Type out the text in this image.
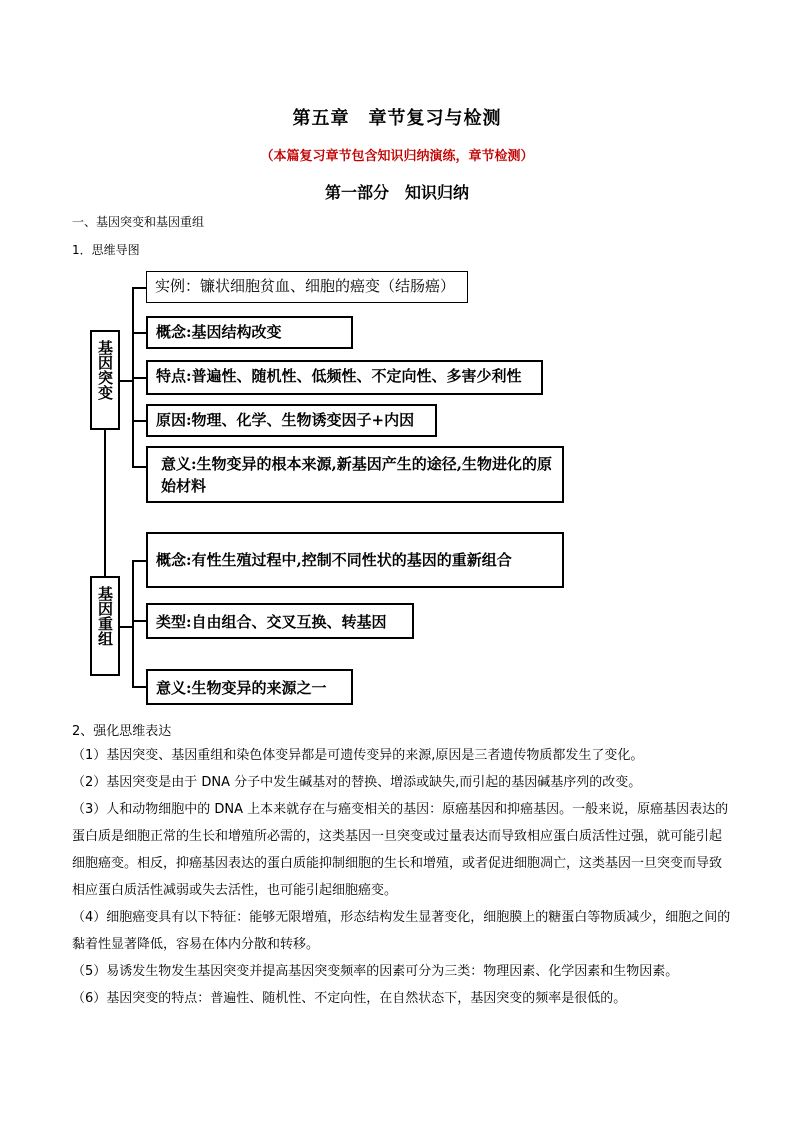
第五章　章节复习与检测
（本篇复习章节包含知识归纳演练，章节检测）
第一部分　知识归纳
一、基因突变和基因重组
1．思维导图
基因突变
实例：镰状细胞贫血、细胞的癌变（结肠癌）
概念:基因结构改变
特点:普遍性、随机性、低频性、不定向性、多害少利性
原因:物理、化学、生物诱变因子+内因
意义:生物变异的根本来源,新基因产生的途径,生物进化的原始材料
基因重组
概念:有性生殖过程中,控制不同性状的基因的重新组合
类型:自由组合、交叉互换、转基因
意义:生物变异的来源之一
2、强化思维表达
（1）基因突变、基因重组和染色体变异都是可遗传变异的来源,原因是三者遗传物质都发生了变化。
（2）基因突变是由于 DNA 分子中发生碱基对的替换、增添或缺失,而引起的基因碱基序列的改变。
（3）人和动物细胞中的 DNA 上本来就存在与癌变相关的基因：原癌基因和抑癌基因。一般来说，原癌基因表达的蛋白质是细胞正常的生长和增殖所必需的，这类基因一旦突变或过量表达而导致相应蛋白质活性过强，就可能引起细胞癌变。相反，抑癌基因表达的蛋白质能抑制细胞的生长和增殖，或者促进细胞凋亡，这类基因一旦突变而导致相应蛋白质活性减弱或失去活性，也可能引起细胞癌变。
（4）细胞癌变具有以下特征：能够无限增殖，形态结构发生显著变化，细胞膜上的糖蛋白等物质减少，细胞之间的黏着性显著降低，容易在体内分散和转移。
（5）易诱发生物发生基因突变并提高基因突变频率的因素可分为三类：物理因素、化学因素和生物因素。
（6）基因突变的特点：普遍性、随机性、不定向性，在自然状态下，基因突变的频率是很低的。
